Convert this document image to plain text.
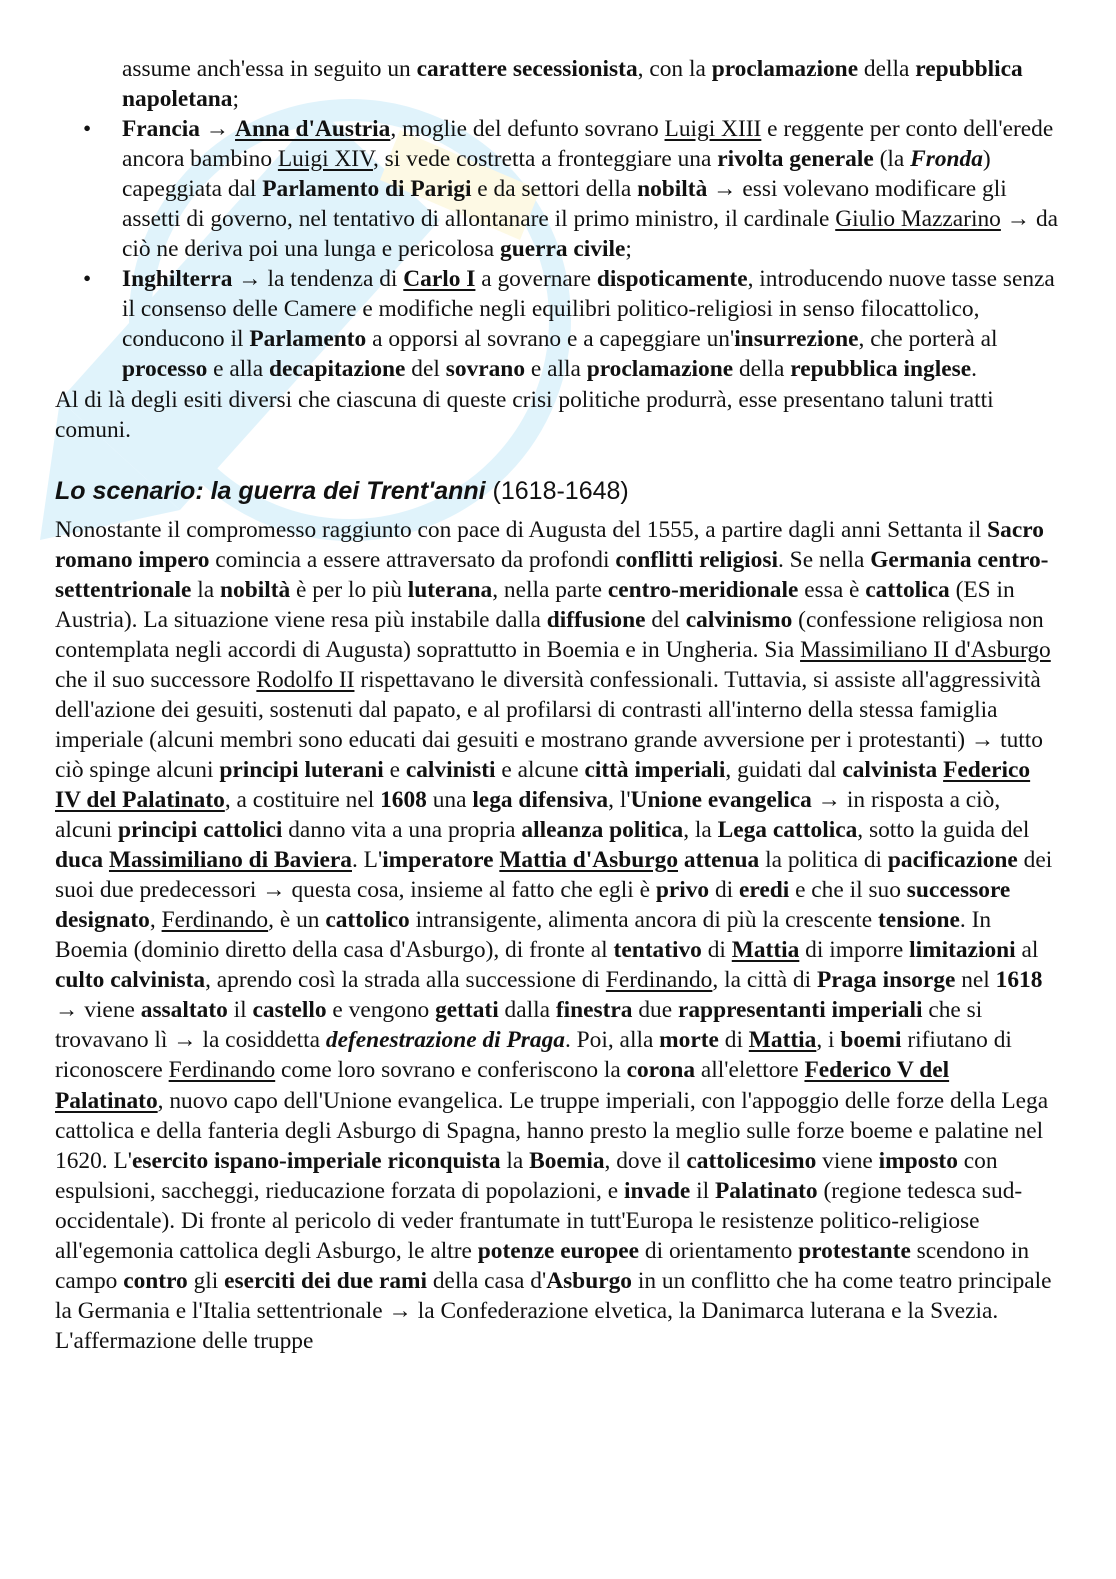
assume anch'essa in seguito un carattere secessionista, con la proclamazione della repubblica napoletana;

• Francia → Anna d'Austria, moglie del defunto sovrano Luigi XIII e reggente per conto dell'erede ancora bambino Luigi XIV, si vede costretta a fronteggiare una rivolta generale (la Fronda) capeggiata dal Parlamento di Parigi e da settori della nobiltà → essi volevano modificare gli assetti di governo, nel tentativo di allontanare il primo ministro, il cardinale Giulio Mazzarino → da ciò ne deriva poi una lunga e pericolosa guerra civile;
• Inghilterra → la tendenza di Carlo I a governare dispoticamente, introducendo nuove tasse senza il consenso delle Camere e modifiche negli equilibri politico-religiosi in senso filocattolico, conducono il Parlamento a opporsi al sovrano e a capeggiare un'insurrezione, che porterà al processo e alla decapitazione del sovrano e alla proclamazione della repubblica inglese.

Al di là degli esiti diversi che ciascuna di queste crisi politiche produrrà, esse presentano taluni tratti comuni.

Lo scenario: la guerra dei Trent'anni (1618-1648)

Nonostante il compromesso raggiunto con pace di Augusta del 1555, a partire dagli anni Settanta il Sacro romano impero comincia a essere attraversato da profondi conflitti religiosi. Se nella Germania centro-settentrionale la nobiltà è per lo più luterana, nella parte centro-meridionale essa è cattolica (ES in Austria). La situazione viene resa più instabile dalla diffusione del calvinismo (confessione religiosa non contemplata negli accordi di Augusta) soprattutto in Boemia e in Ungheria. Sia Massimiliano II d'Asburgo che il suo successore Rodolfo II rispettavano le diversità confessionali. Tuttavia, si assiste all'aggressività dell'azione dei gesuiti, sostenuti dal papato, e al profilarsi di contrasti all'interno della stessa famiglia imperiale (alcuni membri sono educati dai gesuiti e mostrano grande avversione per i protestanti) → tutto ciò spinge alcuni principi luterani e calvinisti e alcune città imperiali, guidati dal calvinista Federico IV del Palatinato, a costituire nel 1608 una lega difensiva, l'Unione evangelica → in risposta a ciò, alcuni principi cattolici danno vita a una propria alleanza politica, la Lega cattolica, sotto la guida del duca Massimiliano di Baviera. L'imperatore Mattia d'Asburgo attenua la politica di pacificazione dei suoi due predecessori → questa cosa, insieme al fatto che egli è privo di eredi e che il suo successore designato, Ferdinando, è un cattolico intransigente, alimenta ancora di più la crescente tensione. In Boemia (dominio diretto della casa d'Asburgo), di fronte al tentativo di Mattia di imporre limitazioni al culto calvinista, aprendo così la strada alla successione di Ferdinando, la città di Praga insorge nel 1618 → viene assaltato il castello e vengono gettati dalla finestra due rappresentanti imperiali che si trovavano lì → la cosiddetta defenestrazione di Praga. Poi, alla morte di Mattia, i boemi rifiutano di riconoscere Ferdinando come loro sovrano e conferiscono la corona all'elettore Federico V del Palatinato, nuovo capo dell'Unione evangelica. Le truppe imperiali, con l'appoggio delle forze della Lega cattolica e della fanteria degli Asburgo di Spagna, hanno presto la meglio sulle forze boeme e palatine nel 1620. L'esercito ispano-imperiale riconquista la Boemia, dove il cattolicesimo viene imposto con espulsioni, saccheggi, rieducazione forzata di popolazioni, e invade il Palatinato (regione tedesca sud-occidentale). Di fronte al pericolo di veder frantumate in tutt'Europa le resistenze politico-religiose all'egemonia cattolica degli Asburgo, le altre potenze europee di orientamento protestante scendono in campo contro gli eserciti dei due rami della casa d'Asburgo in un conflitto che ha come teatro principale la Germania e l'Italia settentrionale → la Confederazione elvetica, la Danimarca luterana e la Svezia. L'affermazione delle truppe
